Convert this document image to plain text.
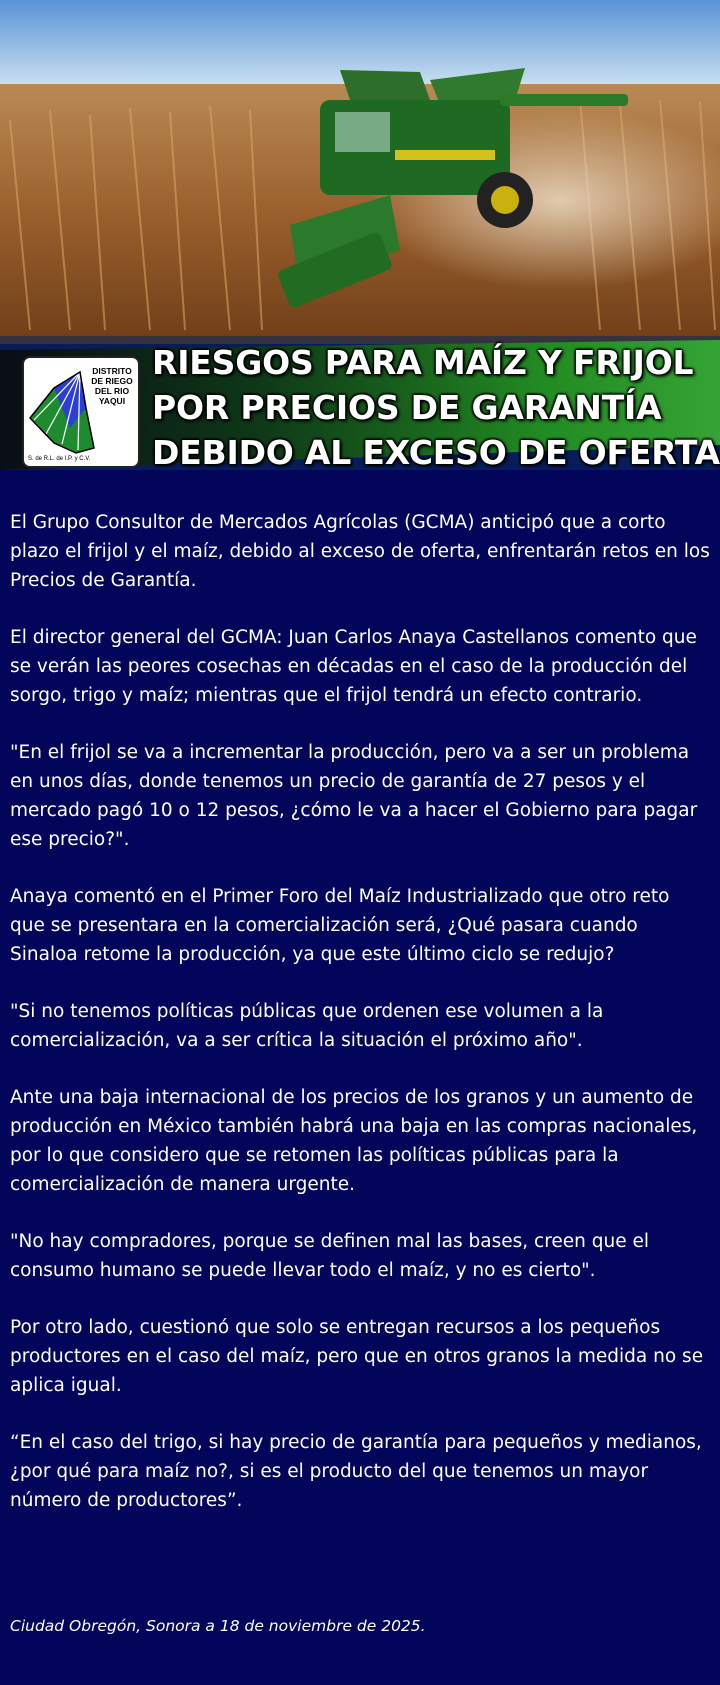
DISTRITO
DE RIEGO
DEL RIO
YAQUI
S. de R.L. de I.P. y C.V.
RIESGOS PARA MAÍZ Y FRIJOL
POR PRECIOS DE GARANTÍA
DEBIDO AL EXCESO DE OFERTA

El Grupo Consultor de Mercados Agrícolas (GCMA) anticipó que a corto plazo el frijol y el maíz, debido al exceso de oferta, enfrentarán retos en los Precios de Garantía.

El director general del GCMA: Juan Carlos Anaya Castellanos comento que se verán las peores cosechas en décadas en el caso de la producción del sorgo, trigo y maíz; mientras que el frijol tendrá un efecto contrario.

"En el frijol se va a incrementar la producción, pero va a ser un problema en unos días, donde tenemos un precio de garantía de 27 pesos y el mercado pagó 10 o 12 pesos, ¿cómo le va a hacer el Gobierno para pagar ese precio?".

Anaya comentó en el Primer Foro del Maíz Industrializado que otro reto que se presentara en la comercialización será, ¿Qué pasara cuando Sinaloa retome la producción, ya que este último ciclo se redujo?

"Si no tenemos políticas públicas que ordenen ese volumen a la comercialización, va a ser crítica la situación el próximo año".

Ante una baja internacional de los precios de los granos y un aumento de producción en México también habrá una baja en las compras nacionales, por lo que considero que se retomen las políticas públicas para la comercialización de manera urgente.

"No hay compradores, porque se definen mal las bases, creen que el consumo humano se puede llevar todo el maíz, y no es cierto".

Por otro lado, cuestionó que solo se entregan recursos a los pequeños productores en el caso del maíz, pero que en otros granos la medida no se aplica igual.

“En el caso del trigo, si hay precio de garantía para pequeños y medianos, ¿por qué para maíz no?, si es el producto del que tenemos un mayor número de productores”.

Ciudad Obregón, Sonora a 18 de noviembre de 2025.
